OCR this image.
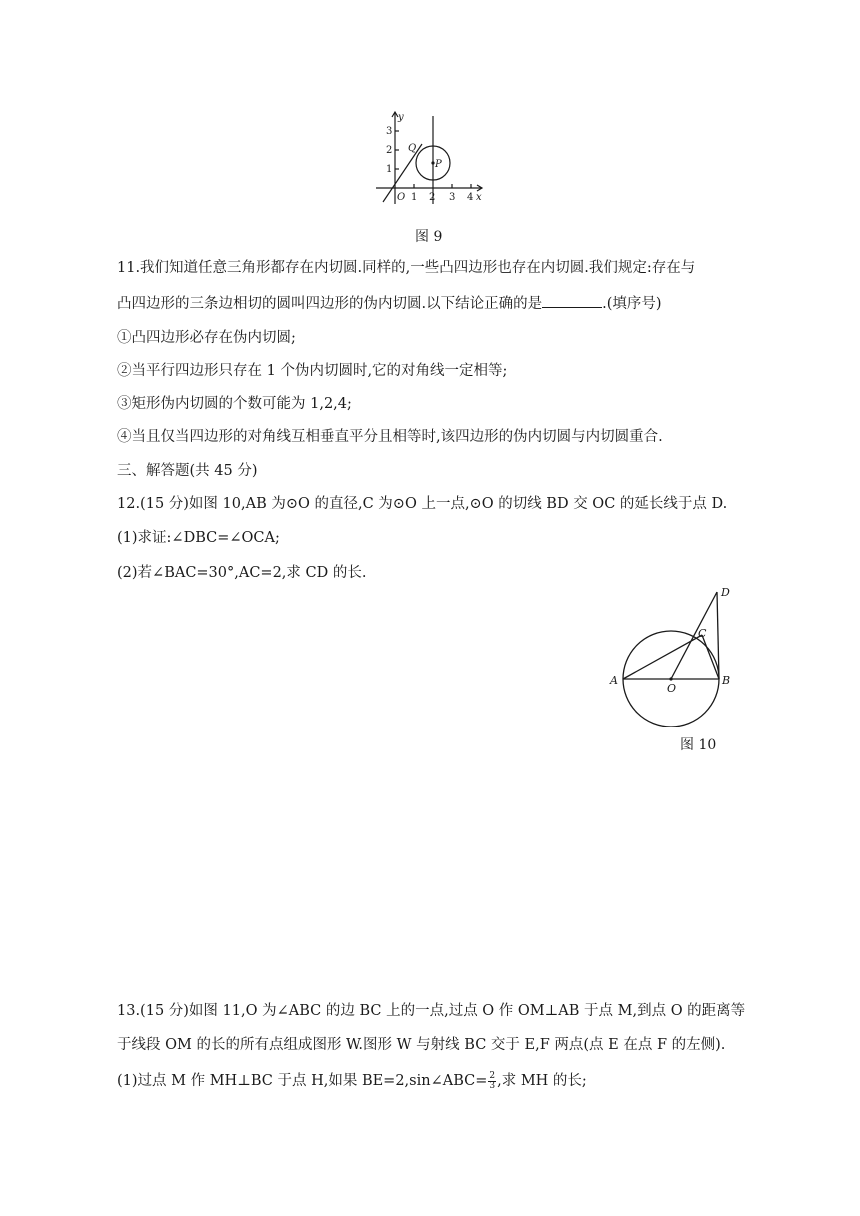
y
x
1
2
3
O 1 2 3 4
Q
P
图 9
11.我们知道任意三角形都存在内切圆.同样的,一些凸四边形也存在内切圆.我们规定:存在与
凸四边形的三条边相切的圆叫四边形的伪内切圆.以下结论正确的是	.(填序号)
①凸四边形必存在伪内切圆;
②当平行四边形只存在 1 个伪内切圆时,它的对角线一定相等;
③矩形伪内切圆的个数可能为 1,2,4;
④当且仅当四边形的对角线互相垂直平分且相等时,该四边形的伪内切圆与内切圆重合.
三、解答题(共 45 分)
12.(15 分)如图 10,AB 为⊙O 的直径,C 为⊙O 上一点,⊙O 的切线 BD 交 OC 的延长线于点 D.
(1)求证:∠DBC=∠OCA;
(2)若∠BAC=30°,AC=2,求 CD 的长.
A	B
C
D
O
图 10
13.(15 分)如图 11,O 为∠ABC 的边 BC 上的一点,过点 O 作 OM⊥AB 于点 M,到点 O 的距离等
于线段 OM 的长的所有点组成图形 W.图形 W 与射线 BC 交于 E,F 两点(点 E 在点 F 的左侧).
(1)过点 M 作 MH⊥BC 于点 H,如果 BE=2,sin∠ABC= $\frac{2}{3}$ ,求 MH 的长;
